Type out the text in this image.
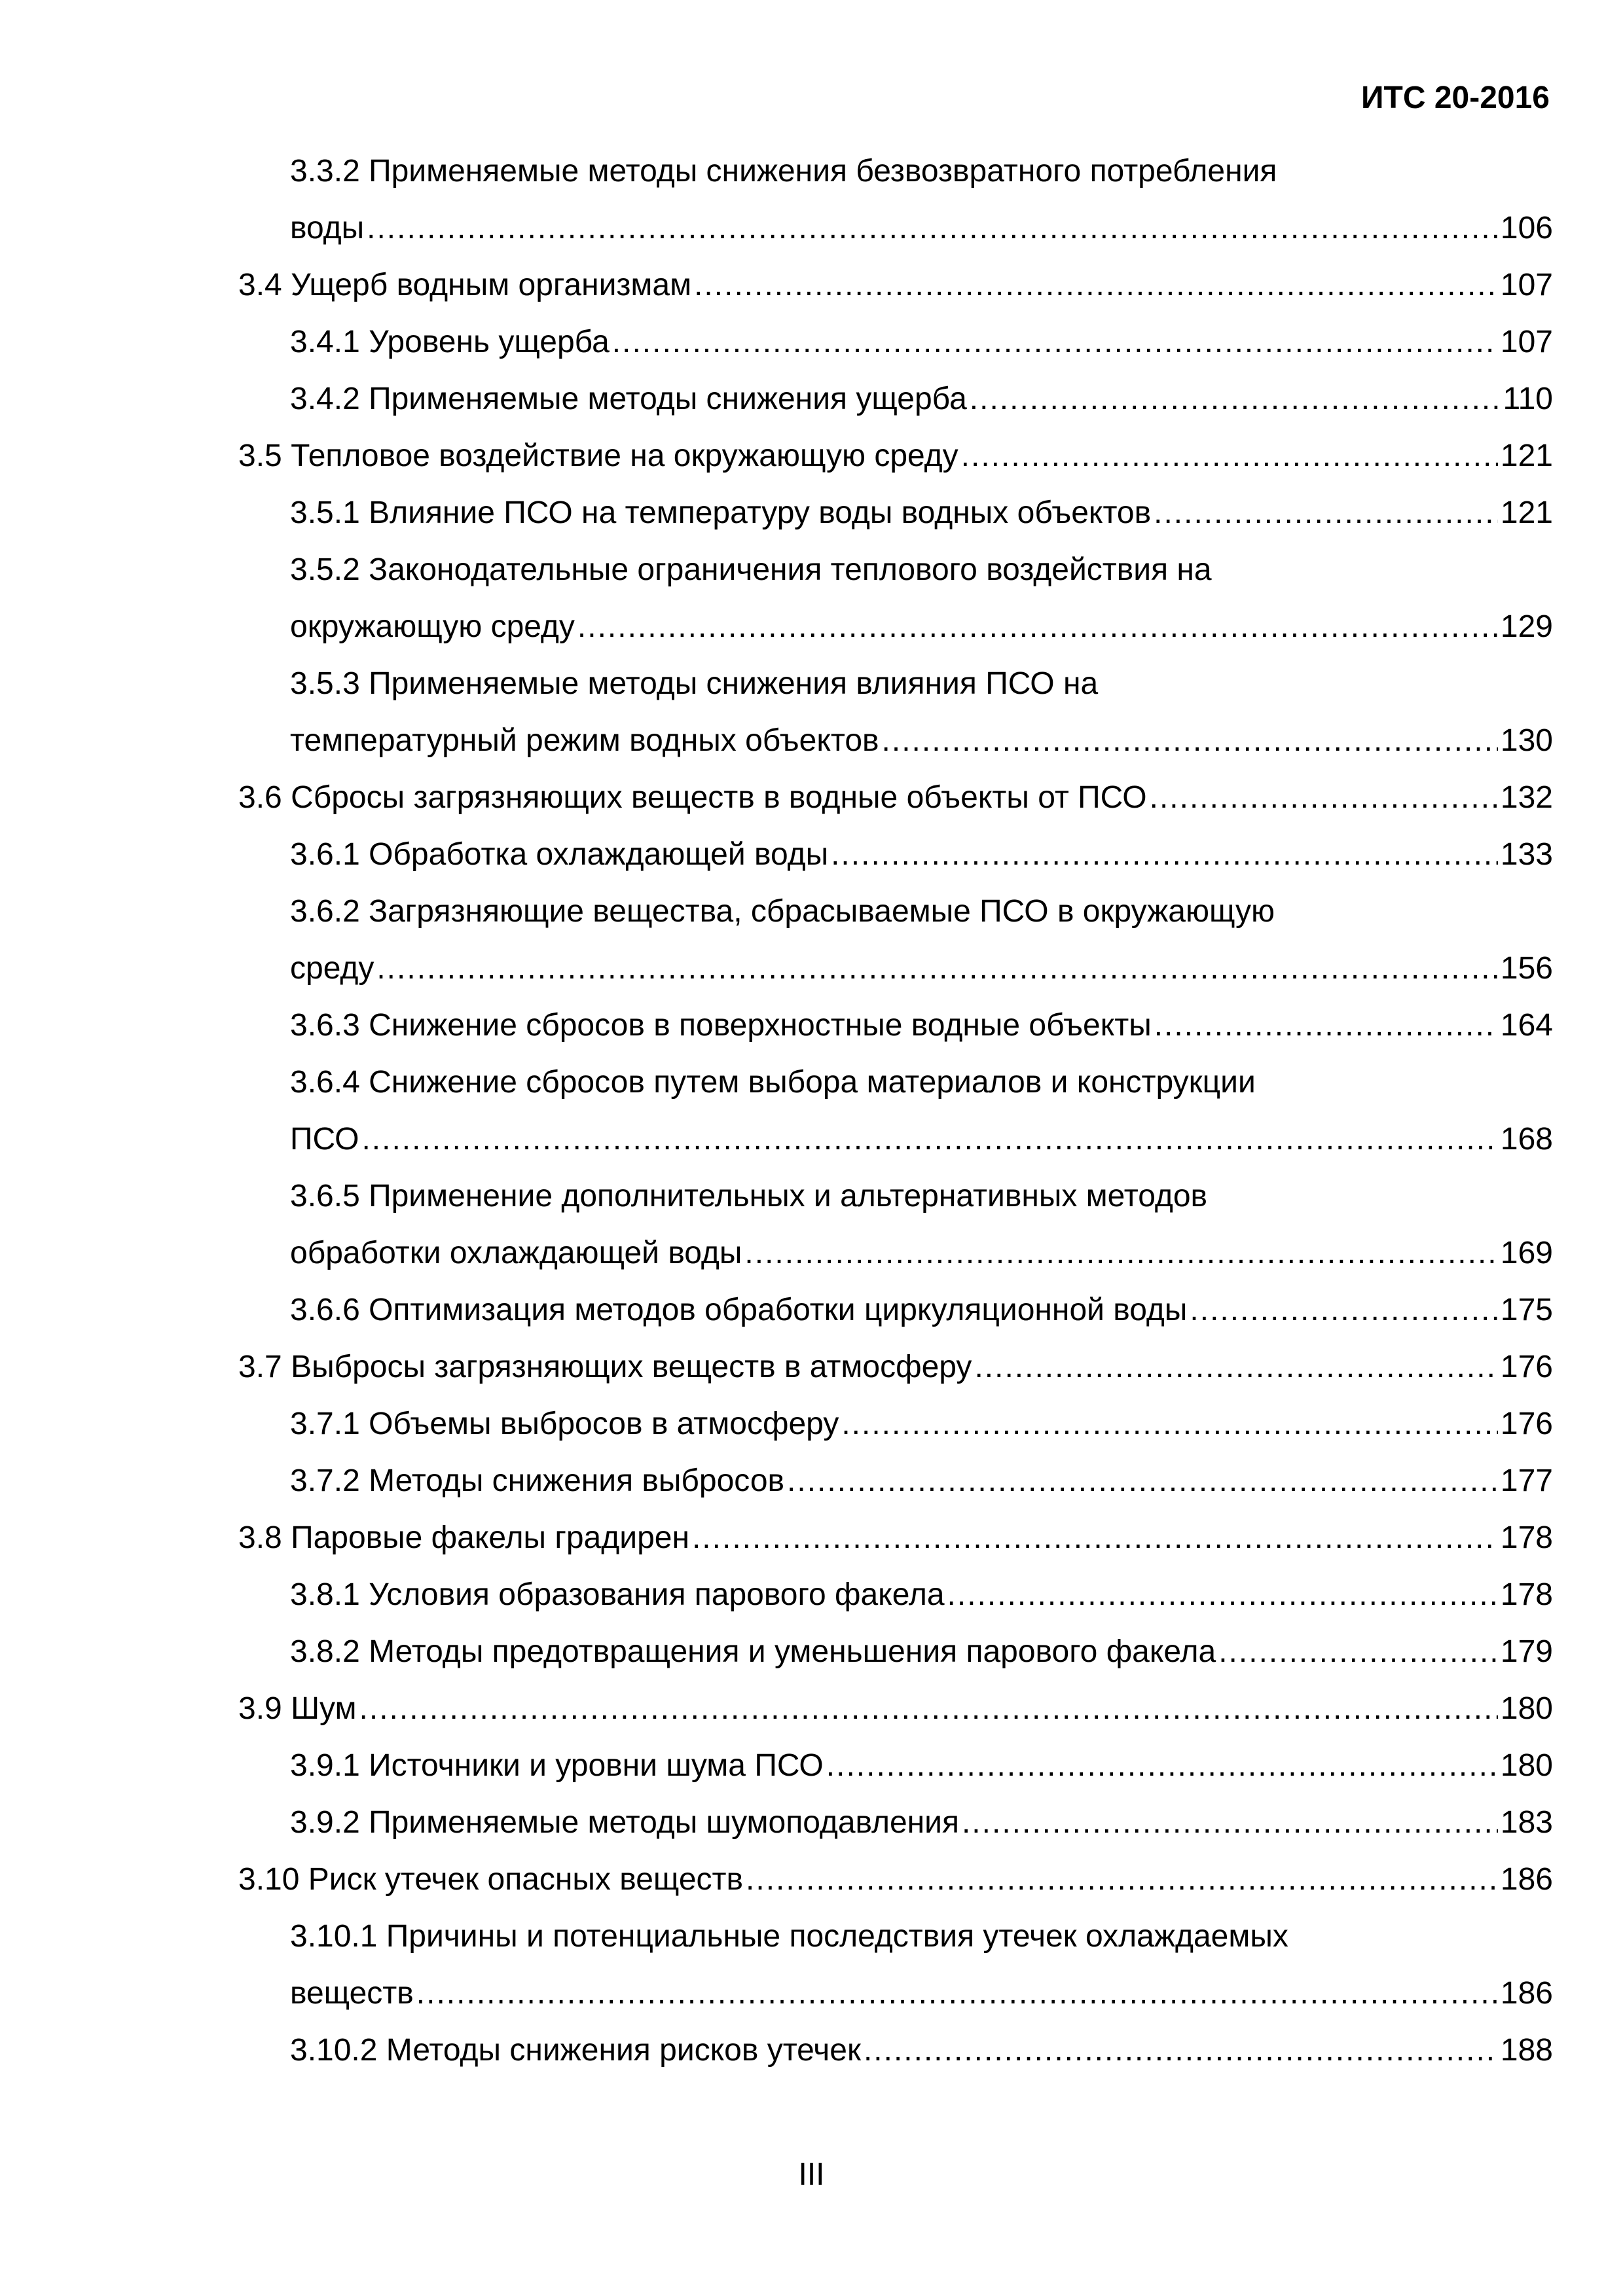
ИТС 20-2016
3.3.2 Применяемые методы снижения безвозвратного потребления
воды .....	106
3.4 Ущерб водным организмам .....	107
3.4.1 Уровень ущерба .....	107
3.4.2 Применяемые методы снижения ущерба .....	110
3.5 Тепловое воздействие на окружающую среду .....	121
3.5.1 Влияние ПСО на температуру воды водных объектов .....	121
3.5.2 Законодательные ограничения теплового воздействия на
окружающую среду .....	129
3.5.3 Применяемые методы снижения влияния ПСО на
температурный режим водных объектов .....	130
3.6 Сбросы загрязняющих веществ в водные объекты от ПСО .....	132
3.6.1 Обработка охлаждающей воды .....	133
3.6.2 Загрязняющие вещества, сбрасываемые ПСО в окружающую
среду .....	156
3.6.3 Снижение сбросов в поверхностные водные объекты .....	164
3.6.4 Снижение сбросов путем выбора материалов и конструкции
ПСО .....	168
3.6.5 Применение дополнительных и альтернативных методов
обработки охлаждающей воды .....	169
3.6.6 Оптимизация методов обработки циркуляционной воды .....	175
3.7 Выбросы загрязняющих веществ в атмосферу .....	176
3.7.1 Объемы выбросов в атмосферу .....	176
3.7.2 Методы снижения выбросов .....	177
3.8 Паровые факелы градирен .....	178
3.8.1 Условия образования парового факела .....	178
3.8.2 Методы предотвращения и уменьшения парового факела .....	179
3.9 Шум .....	180
3.9.1 Источники и уровни шума ПСО .....	180
3.9.2 Применяемые методы шумоподавления .....	183
3.10 Риск утечек опасных веществ .....	186
3.10.1 Причины и потенциальные последствия утечек охлаждаемых
веществ .....	186
3.10.2 Методы снижения рисков утечек .....	188
III
